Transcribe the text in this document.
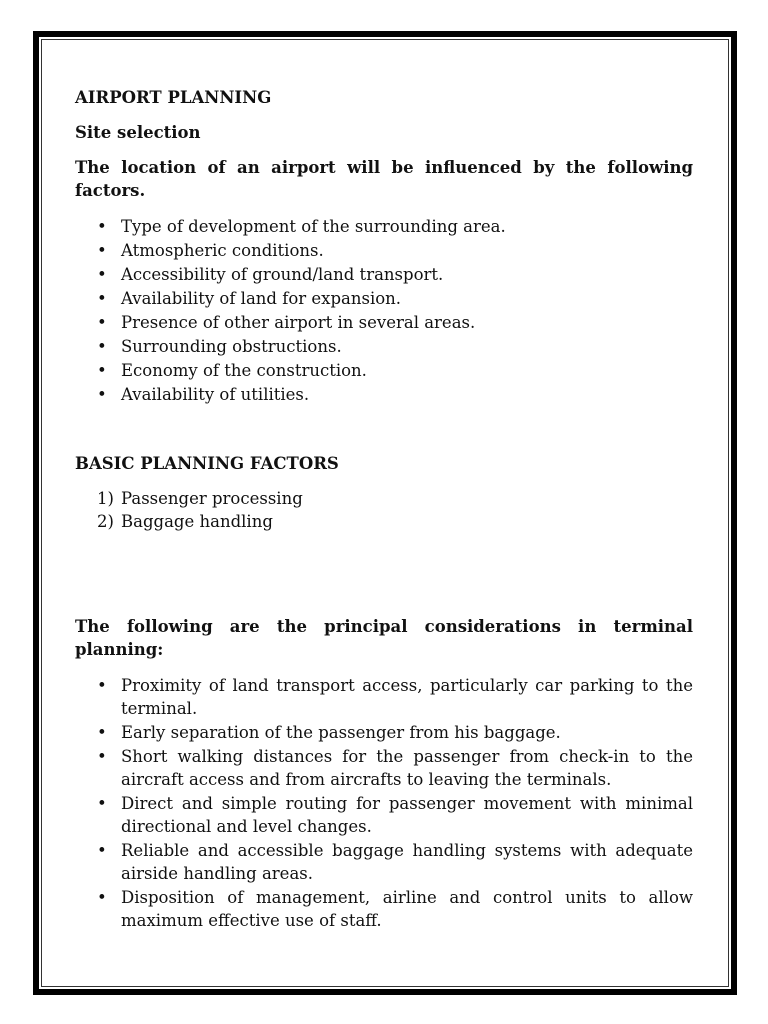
AIRPORT PLANNING

Site selection

The location of an airport will be influenced by the following factors.

• Type of development of the surrounding area.
• Atmospheric conditions.
• Accessibility of ground/land transport.
• Availability of land for expansion.
• Presence of other airport in several areas.
• Surrounding obstructions.
• Economy of the construction.
• Availability of utilities.

BASIC PLANNING FACTORS

1) Passenger processing
2) Baggage handling

The following are the principal considerations in terminal planning:

• Proximity of land transport access, particularly car parking to the terminal.
• Early separation of the passenger from his baggage.
• Short walking distances for the passenger from check-in to the aircraft access and from aircrafts to leaving the terminals.
• Direct and simple routing for passenger movement with minimal directional and level changes.
• Reliable and accessible baggage handling systems with adequate airside handling areas.
• Disposition of management, airline and control units to allow maximum effective use of staff.
